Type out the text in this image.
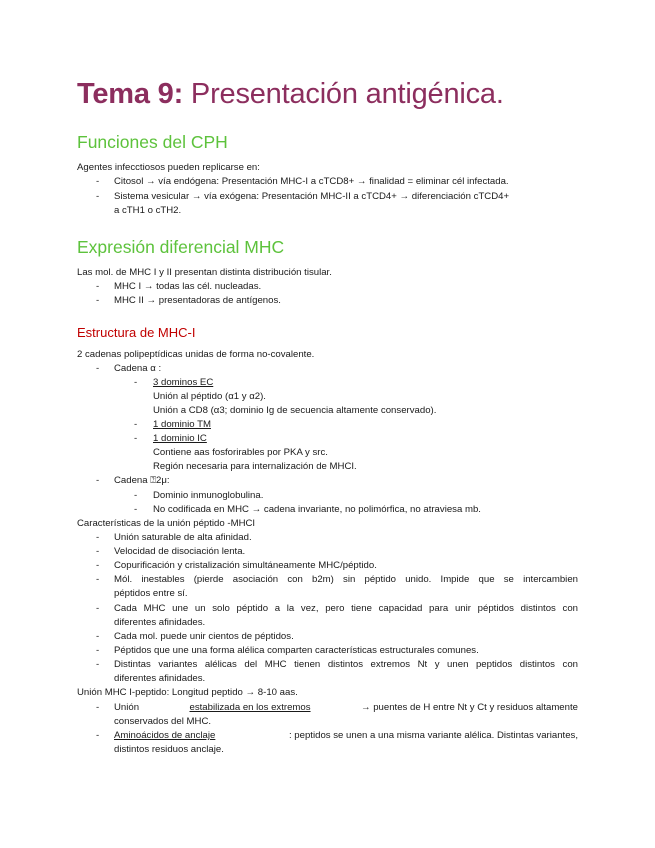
Tema 9: Presentación antigénica.
Funciones del CPH
Agentes infecctiosos pueden replicarse en:
- Citosol → vía endógena: Presentación MHC-I a cTCD8+ → finalidad = eliminar cél infectada.
- Sistema vesicular → vía exógena: Presentación MHC-II a cTCD4+ → diferenciación cTCD4+
a cTH1 o cTH2.
Expresión diferencial MHC
Las mol. de MHC I y II presentan distinta distribución tisular.
- MHC I → todas las cél. nucleadas.
- MHC II → presentadoras de antígenos.
Estructura de MHC-I
2 cadenas polipeptídicas unidas de forma no-covalente.
- Cadena α :
- 3 dominos EC
Unión al péptido (α1 y α2).
Unión a CD8 (α3; dominio Ig de secuencia altamente conservado).
- 1 dominio TM
- 1 dominio IC
Contiene aas fosforirables por PKA y src.
Región necesaria para internalización de MHCI.
- Cadena ⍰2μ:
- Dominio inmunoglobulina.
- No codificada en MHC → cadena invariante, no polimórfica, no atraviesa mb.
Características de la unión péptido -MHCI
- Unión saturable de alta afinidad.
- Velocidad de disociación lenta.
- Copurificación y cristalización simultáneamente MHC/péptido.
- Mól. inestables (pierde asociación con b2m) sin péptido unido. Impide que se intercambien
péptidos entre sí.
- Cada MHC une un solo péptido a la vez, pero tiene capacidad para unir péptidos distintos con
diferentes afinidades.
- Cada mol. puede unir cientos de péptidos.
- Péptidos que une una forma alélica comparten características estructurales comunes.
- Distintas variantes alélicas del MHC tienen distintos extremos Nt y unen peptidos distintos con
diferentes afinidades.
Unión MHC I-peptido: Longitud peptido → 8-10 aas.
- Unión	estabilizada en los extremos	→ puentes de H entre Nt y Ct y residuos altamente
conservados del MHC.
- Aminoácidos de anclaje	: peptidos se unen a una misma variante alélica. Distintas variantes,
distintos residuos anclaje.
